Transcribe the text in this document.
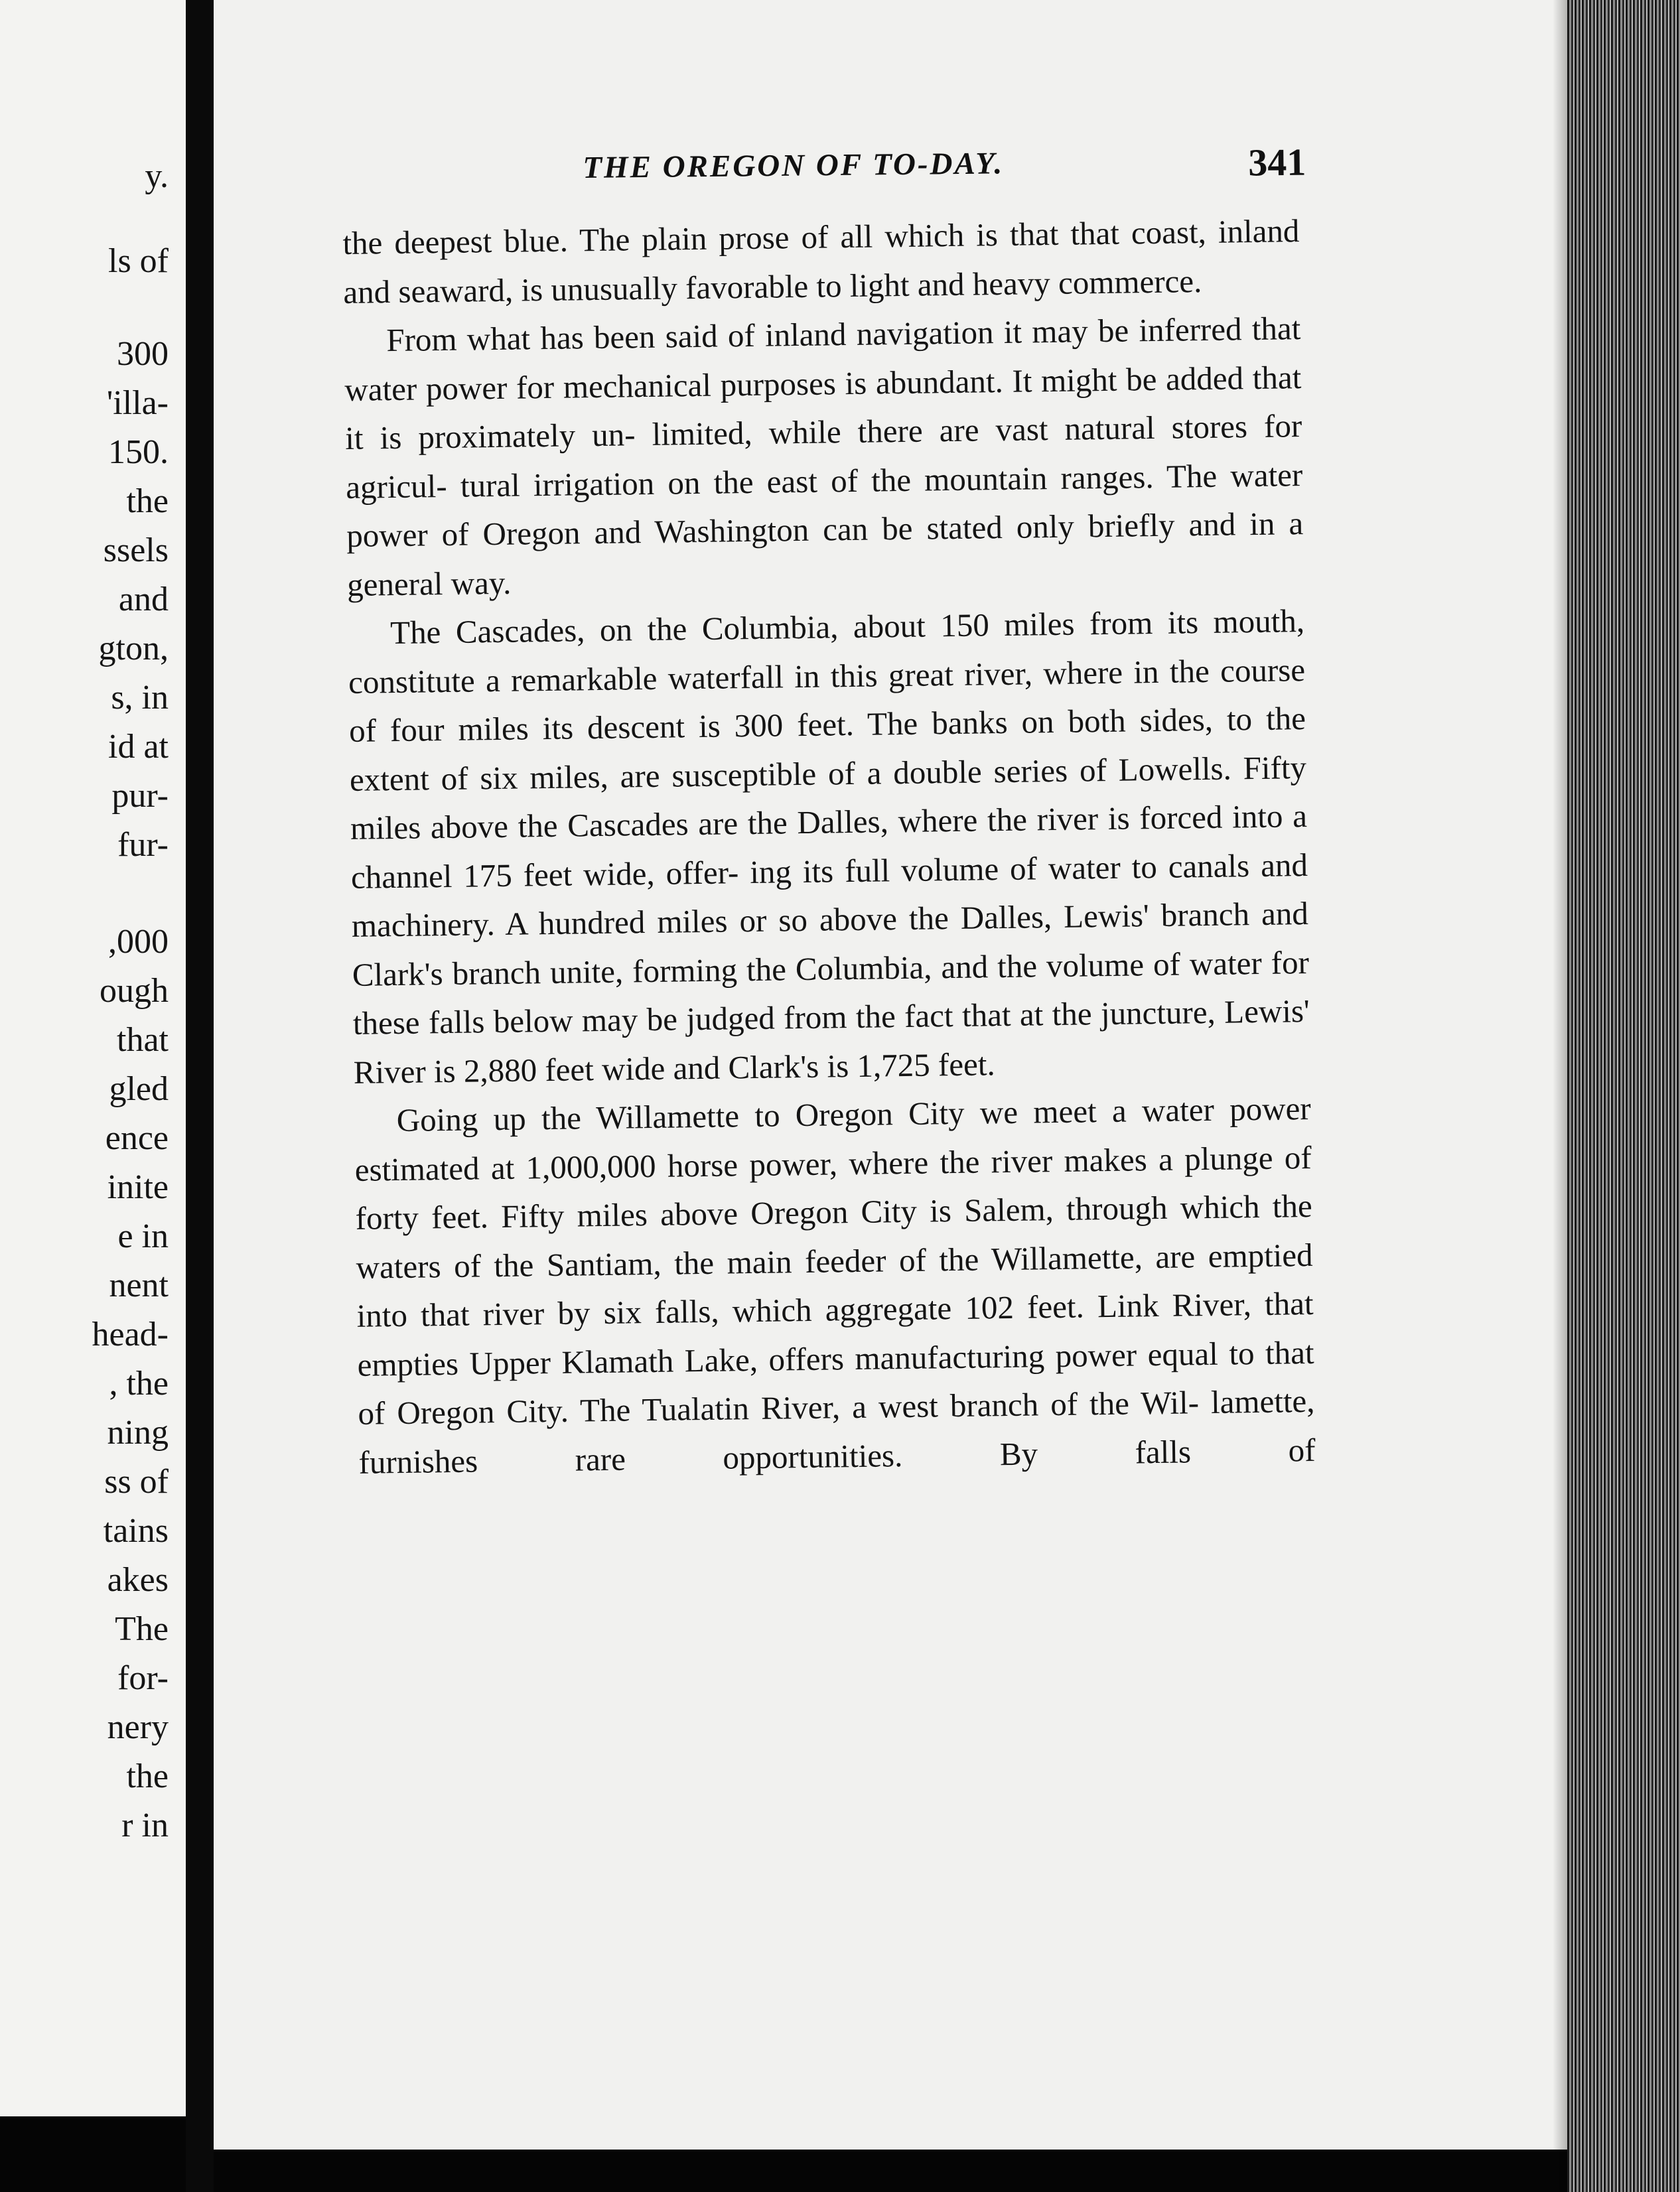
y.
ls of
300
'illa-
150.
the
ssels
and
gton,
s, in
id at
pur-
fur-
,000
ough
that
gled
ence
inite
e in
nent
head-
, the
ning
ss of
tains
akes
The
for-
nery
the
r in
THE OREGON OF TO-DAY.	341

the deepest blue. The plain prose of all which is that that coast, inland and seaward, is unusually favorable to light and heavy commerce.

From what has been said of inland navigation it may be inferred that water power for mechanical purposes is abundant. It might be added that it is proximately un- limited, while there are vast natural stores for agricul- tural irrigation on the east of the mountain ranges. The water power of Oregon and Washington can be stated only briefly and in a general way.

The Cascades, on the Columbia, about 150 miles from its mouth, constitute a remarkable waterfall in this great river, where in the course of four miles its descent is 300 feet. The banks on both sides, to the extent of six miles, are susceptible of a double series of Lowells. Fifty miles above the Cascades are the Dalles, where the river is forced into a channel 175 feet wide, offer- ing its full volume of water to canals and machinery. A hundred miles or so above the Dalles, Lewis' branch and Clark's branch unite, forming the Columbia, and the volume of water for these falls below may be judged from the fact that at the juncture, Lewis' River is 2,880 feet wide and Clark's is 1,725 feet.

Going up the Willamette to Oregon City we meet a water power estimated at 1,000,000 horse power, where the river makes a plunge of forty feet. Fifty miles above Oregon City is Salem, through which the waters of the Santiam, the main feeder of the Willamette, are emptied into that river by six falls, which aggregate 102 feet. Link River, that empties Upper Klamath Lake, offers manufacturing power equal to that of Oregon City. The Tualatin River, a west branch of the Wil- lamette, furnishes rare opportunities. By falls of
